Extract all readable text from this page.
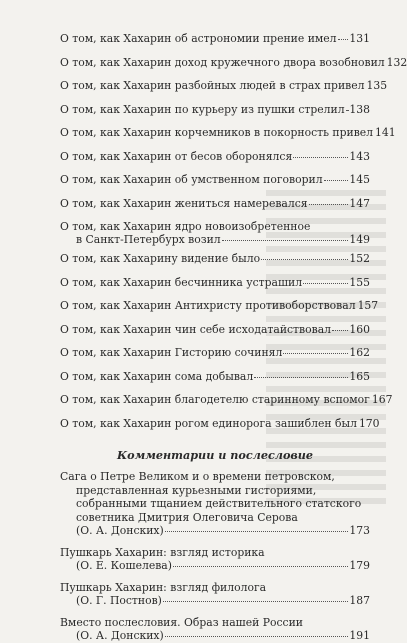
О том, как Хахарин об астрономии прение имел 131
О том, как Хахарин доход кружечного двора возобновил 132
О том, как Хахарин разбойных людей в страх привел 135
О том, как Хахарин по курьеру из пушки стрелил 138
О том, как Хахарин корчемников в покорность привел 141
О том, как Хахарин от бесов оборонялся	143
О том, как Хахарин об умственном поговорил 145
О том, как Хахарин жениться намеревался	147
О том, как Хахарин ядро новоизобретенное
в Санкт-Петербурх возил	149
О том, как Хахарину видение было	152
О том, как Хахарин бесчинника устрашил	155
О том, как Хахарин Антихристу противоборствовал 157
О том, как Хахарин чин себе исходатайствовал 160
О том, как Хахарин Гисторию сочинял	162
О том, как Хахарин сома добывал	165
О том, как Хахарин благодетелю старинному вспомог 167
О том, как Хахарин рогом единорога зашиблен был 170
Комментарии и послесловие
Сага о Петре Великом и о времени петровском,
представленная курьезными гисториями,
собранными тщанием действительного статского
советника Дмитрия Олеговича Серова
(О. А. Донских)	173
Пушкарь Хахарин: взгляд историка
(О. Е. Кошелева)	179
Пушкарь Хахарин: взгляд филолога
(О. Г. Постнов)	187
Вместо послесловия. Образ нашей России
(О. А. Донских)	191
